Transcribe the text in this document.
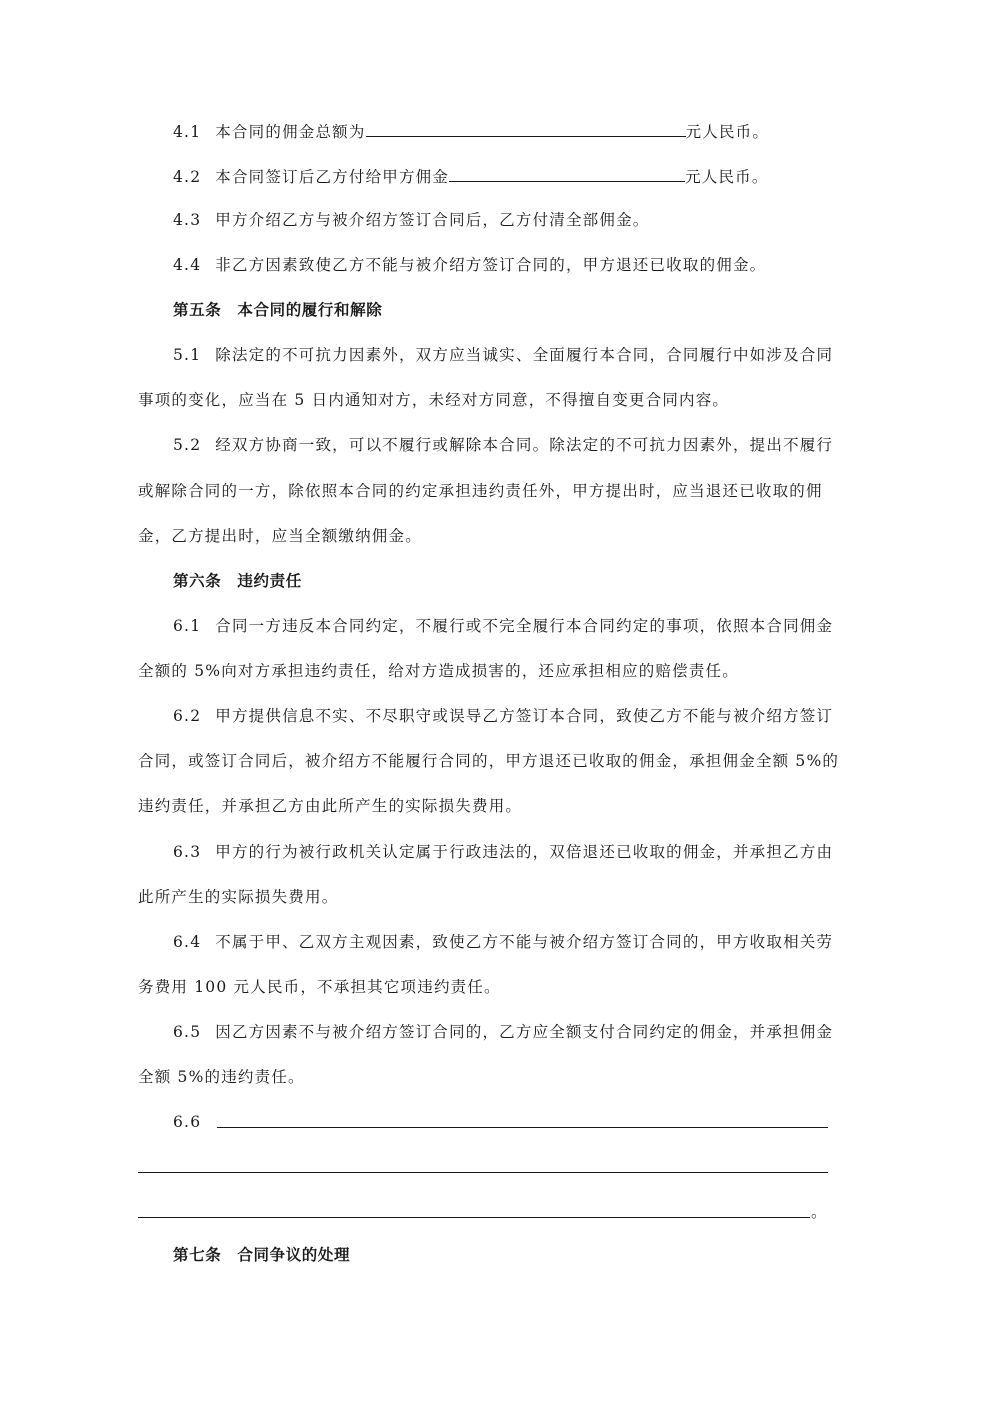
4.1 本合同的佣金总额为	元人民币。
4.2 本合同签订后乙方付给甲方佣金	元人民币。
4.3 甲方介绍乙方与被介绍方签订合同后，乙方付清全部佣金。
4.4 非乙方因素致使乙方不能与被介绍方签订合同的，甲方退还已收取的佣金。
第五条　本合同的履行和解除
5.1 除法定的不可抗力因素外，双方应当诚实、全面履行本合同，合同履行中如涉及合同
事项的变化，应当在 5 日内通知对方，未经对方同意，不得擅自变更合同内容。
5.2 经双方协商一致，可以不履行或解除本合同。除法定的不可抗力因素外，提出不履行
或解除合同的一方，除依照本合同的约定承担违约责任外，甲方提出时，应当退还已收取的佣
金，乙方提出时，应当全额缴纳佣金。
第六条　违约责任
6.1 合同一方违反本合同约定，不履行或不完全履行本合同约定的事项，依照本合同佣金
全额的 5%向对方承担违约责任，给对方造成损害的，还应承担相应的赔偿责任。
6.2 甲方提供信息不实、不尽职守或误导乙方签订本合同，致使乙方不能与被介绍方签订
合同，或签订合同后，被介绍方不能履行合同的，甲方退还已收取的佣金，承担佣金全额 5%的
违约责任，并承担乙方由此所产生的实际损失费用。
6.3 甲方的行为被行政机关认定属于行政违法的，双倍退还已收取的佣金，并承担乙方由
此所产生的实际损失费用。
6.4 不属于甲、乙双方主观因素，致使乙方不能与被介绍方签订合同的，甲方收取相关劳
务费用 100 元人民币，不承担其它项违约责任。
6.5 因乙方因素不与被介绍方签订合同的，乙方应全额支付合同约定的佣金，并承担佣金
全额 5%的违约责任。
6.6
。
第七条　合同争议的处理
